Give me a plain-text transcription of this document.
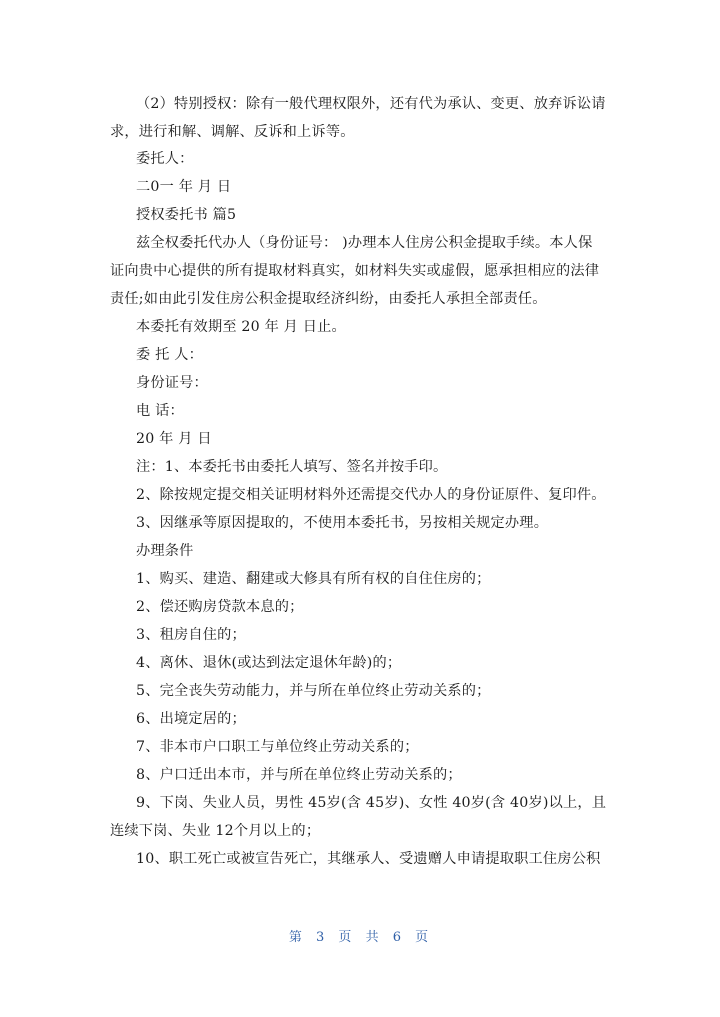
（2）特别授权：除有一般代理权限外，还有代为承认、变更、放弃诉讼请
求，进行和解、调解、反诉和上诉等。
委托人：
二0一 年 月 日
授权委托书 篇5
兹全权委托代办人（身份证号： )办理本人住房公积金提取手续。本人保
证向贵中心提供的所有提取材料真实，如材料失实或虚假，愿承担相应的法律
责任;如由此引发住房公积金提取经济纠纷，由委托人承担全部责任。
本委托有效期至 20 年 月 日止。
委 托 人：
身份证号：
电 话：
20 年 月 日
注：1、本委托书由委托人填写、签名并按手印。
2、除按规定提交相关证明材料外还需提交代办人的身份证原件、复印件。
3、因继承等原因提取的，不使用本委托书，另按相关规定办理。
办理条件
1、购买、建造、翻建或大修具有所有权的自住住房的；
2、偿还购房贷款本息的；
3、租房自住的；
4、离休、退休(或达到法定退休年龄)的；
5、完全丧失劳动能力，并与所在单位终止劳动关系的；
6、出境定居的；
7、非本市户口职工与单位终止劳动关系的；
8、户口迁出本市，并与所在单位终止劳动关系的；
9、下岗、失业人员，男性 45岁(含 45岁)、女性 40岁(含 40岁)以上，且
连续下岗、失业 12个月以上的；
10、职工死亡或被宣告死亡，其继承人、受遗赠人申请提取职工住房公积
第 3 页 共 6 页
